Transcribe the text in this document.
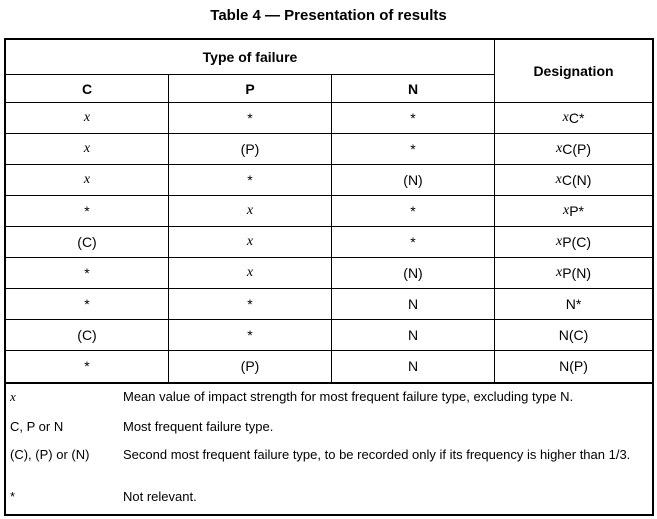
Table 4 — Presentation of results
Type of failure
C	P	N
Designation
x	*	*	x C*
x	(P)	*	x C(P)
x	*	(N)	x C(N)
*	x	*	x P*
(C)	x	*	x P(C)
*	x	(N)	x P(N)
*	*	N	N*
(C)	*	N	N(C)
*	(P)	N	N(P)
x	Mean value of impact strength for most frequent failure type, excluding type N.
C, P or N	Most frequent failure type.
(C), (P) or (N)	Second most frequent failure type, to be recorded only if its frequency is higher than 1/3.
*	Not relevant.
